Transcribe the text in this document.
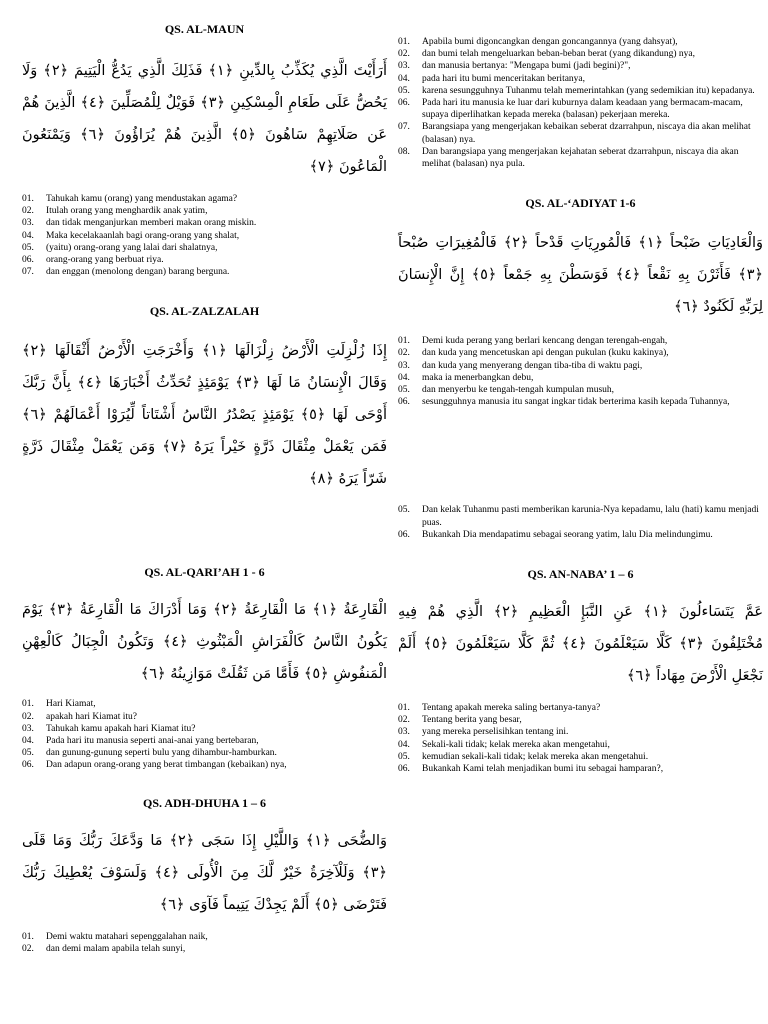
QS. AL-MAUN

أَرَأَيْتَ الَّذِي يُكَذِّبُ بِالدِّينِ ﴿١﴾ فَذَلِكَ الَّذِي يَدُعُّ الْيَتِيمَ ﴿٢﴾ وَلَا يَحُضُّ عَلَى طَعَامِ الْمِسْكِينِ ﴿٣﴾ فَوَيْلٌ لِلْمُصَلِّينَ ﴿٤﴾ الَّذِينَ هُمْ عَن صَلَاتِهِمْ سَاهُونَ ﴿٥﴾ الَّذِينَ هُمْ يُرَاؤُونَ ﴿٦﴾ وَيَمْنَعُونَ الْمَاعُونَ ﴿٧﴾

01. Tahukah kamu (orang) yang mendustakan agama?
02. Itulah orang yang menghardik anak yatim,
03. dan tidak menganjurkan memberi makan orang miskin.
04. Maka kecelakaanlah bagi orang-orang yang shalat,
05. (yaitu) orang-orang yang lalai dari shalatnya,
06. orang-orang yang berbuat riya.
07. dan enggan (menolong dengan) barang berguna.
QS. AL-ZALZALAH

إِذَا زُلْزِلَتِ الْأَرْضُ زِلْزَالَهَا ﴿١﴾ وَأَخْرَجَتِ الْأَرْضُ أَثْقَالَهَا ﴿٢﴾ وَقَالَ الْإِنسَانُ مَا لَهَا ﴿٣﴾ يَوْمَئِذٍ تُحَدِّثُ أَخْبَارَهَا ﴿٤﴾ بِأَنَّ رَبَّكَ أَوْحَى لَهَا ﴿٥﴾ يَوْمَئِذٍ يَصْدُرُ النَّاسُ أَشْتَاتاً لِّيُرَوْا أَعْمَالَهُمْ ﴿٦﴾ فَمَن يَعْمَلْ مِثْقَالَ ذَرَّةٍ خَيْراً يَرَهُ ﴿٧﴾ وَمَن يَعْمَلْ مِثْقَالَ ذَرَّةٍ شَرّاً يَرَهُ ﴿٨﴾

QS. AL-QARI’AH 1 - 6

الْقَارِعَةُ ﴿١﴾ مَا الْقَارِعَةُ ﴿٢﴾ وَمَا أَدْرَاكَ مَا الْقَارِعَةُ ﴿٣﴾ يَوْمَ يَكُونُ النَّاسُ كَالْفَرَاشِ الْمَبْثُوثِ ﴿٤﴾ وَتَكُونُ الْجِبَالُ كَالْعِهْنِ الْمَنفُوشِ ﴿٥﴾ فَأَمَّا مَن ثَقُلَتْ مَوَازِينُهُ ﴿٦﴾

01. Hari Kiamat,
02. apakah hari Kiamat itu?
03. Tahukah kamu apakah hari Kiamat itu?
04. Pada hari itu manusia seperti anai-anai yang bertebaran,
05. dan gunung-gunung seperti bulu yang dihambur-hamburkan.
06. Dan adapun orang-orang yang berat timbangan (kebaikan) nya,
QS. ADH-DHUHA 1 – 6

وَالضُّحَى ﴿١﴾ وَاللَّيْلِ إِذَا سَجَى ﴿٢﴾ مَا وَدَّعَكَ رَبُّكَ وَمَا قَلَى ﴿٣﴾ وَلَلْآخِرَةُ خَيْرٌ لَّكَ مِنَ الْأُولَى ﴿٤﴾ وَلَسَوْفَ يُعْطِيكَ رَبُّكَ فَتَرْضَى ﴿٥﴾ أَلَمْ يَجِدْكَ يَتِيماً فَآوَى ﴿٦﴾

01. Demi waktu matahari sepenggalahan naik,
02. dan demi malam apabila telah sunyi,
01. Apabila bumi digoncangkan dengan goncangannya (yang dahsyat),
02. dan bumi telah mengeluarkan beban-beban berat (yang dikandung) nya,
03. dan manusia bertanya: "Mengapa bumi (jadi begini)?",
04. pada hari itu bumi menceritakan beritanya,
05. karena sesungguhnya Tuhanmu telah memerintahkan (yang sedemikian itu) kepadanya.
06. Pada hari itu manusia ke luar dari kuburnya dalam keadaan yang bermacam-macam, supaya diperlihatkan kepada mereka (balasan) pekerjaan mereka.
07. Barangsiapa yang mengerjakan kebaikan seberat dzarrahpun, niscaya dia akan melihat (balasan) nya.
08. Dan barangsiapa yang mengerjakan kejahatan seberat dzarrahpun, niscaya dia akan melihat (balasan) nya pula.
QS. AL-‘ADIYAT 1-6

وَالْعَادِيَاتِ ضَبْحاً ﴿١﴾ فَالْمُورِيَاتِ قَدْحاً ﴿٢﴾ فَالْمُغِيرَاتِ صُبْحاً ﴿٣﴾ فَأَثَرْنَ بِهِ نَقْعاً ﴿٤﴾ فَوَسَطْنَ بِهِ جَمْعاً ﴿٥﴾ إِنَّ الْإِنسَانَ لِرَبِّهِ لَكَنُودٌ ﴿٦﴾

01. Demi kuda perang yang berlari kencang dengan terengah-engah,
02. dan kuda yang mencetuskan api dengan pukulan (kuku kakinya),
03. dan kuda yang menyerang dengan tiba-tiba di waktu pagi,
04. maka ia menerbangkan debu,
05. dan menyerbu ke tengah-tengah kumpulan musuh,
06. sesungguhnya manusia itu sangat ingkar tidak berterima kasih kepada Tuhannya,
05. Dan kelak Tuhanmu pasti memberikan karunia-Nya kepadamu, lalu (hati) kamu menjadi puas.
06. Bukankah Dia mendapatimu sebagai seorang yatim, lalu Dia melindungimu.
QS. AN-NABA’ 1 – 6

عَمَّ يَتَسَاءلُونَ ﴿١﴾ عَنِ النَّبَإِ الْعَظِيمِ ﴿٢﴾ الَّذِي هُمْ فِيهِ مُخْتَلِفُونَ ﴿٣﴾ كَلَّا سَيَعْلَمُونَ ﴿٤﴾ ثُمَّ كَلَّا سَيَعْلَمُونَ ﴿٥﴾ أَلَمْ نَجْعَلِ الْأَرْضَ مِهَاداً ﴿٦﴾

01. Tentang apakah mereka saling bertanya-tanya?
02. Tentang berita yang besar,
03. yang mereka perselisihkan tentang ini.
04. Sekali-kali tidak; kelak mereka akan mengetahui,
05. kemudian sekali-kali tidak; kelak mereka akan mengetahui.
06. Bukankah Kami telah menjadikan bumi itu sebagai hamparan?,
